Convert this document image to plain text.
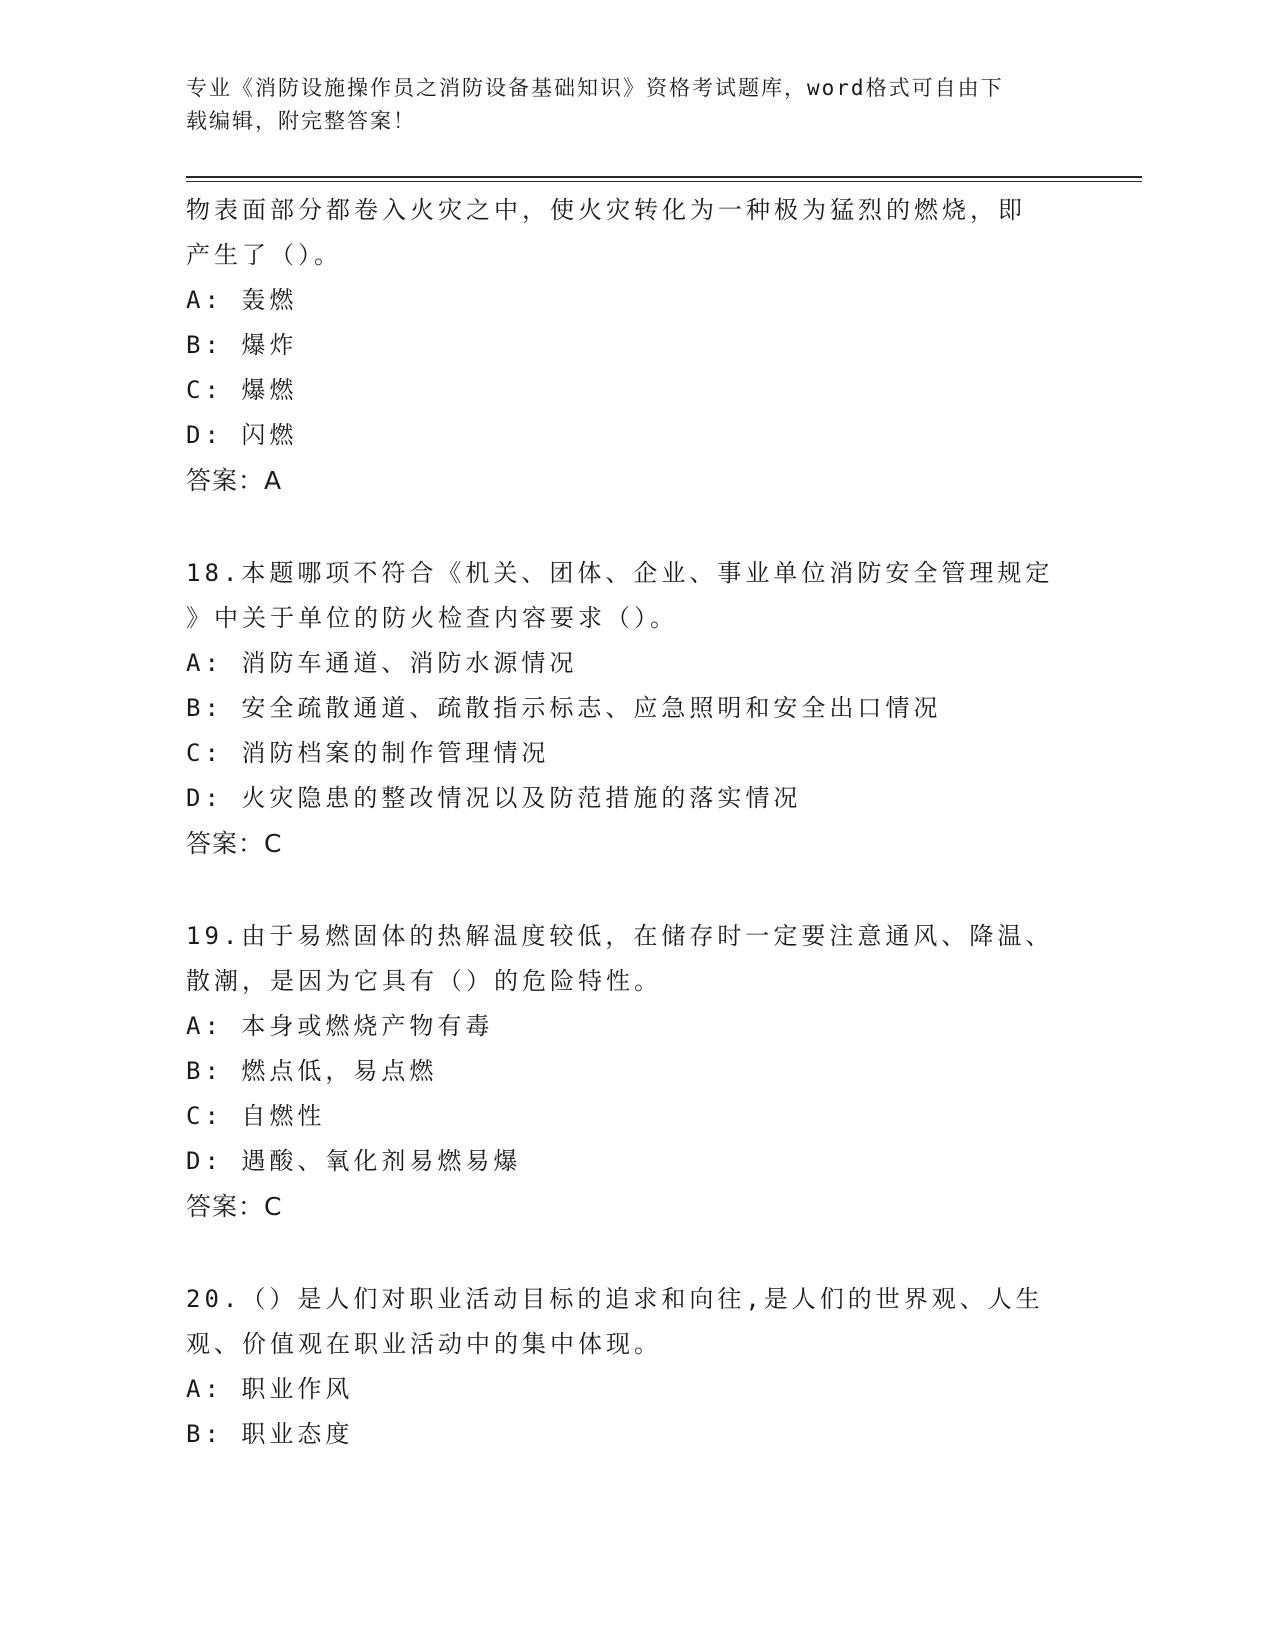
专业《消防设施操作员之消防设备基础知识》资格考试题库，word格式可自由下
载编辑，附完整答案！
物表面部分都卷入火灾之中，使火灾转化为一种极为猛烈的燃烧，即
产生了（）。
A: 轰燃
B: 爆炸
C: 爆燃
D: 闪燃
答案：A
18.本题哪项不符合《机关、团体、企业、事业单位消防安全管理规定
》中关于单位的防火检查内容要求（）。
A: 消防车通道、消防水源情况
B: 安全疏散通道、疏散指示标志、应急照明和安全出口情况
C: 消防档案的制作管理情况
D: 火灾隐患的整改情况以及防范措施的落实情况
答案：C
19.由于易燃固体的热解温度较低，在储存时一定要注意通风、降温、
散潮，是因为它具有（）的危险特性。
A: 本身或燃烧产物有毒
B: 燃点低，易点燃
C: 自燃性
D: 遇酸、氧化剂易燃易爆
答案：C
20.（）是人们对职业活动目标的追求和向往,是人们的世界观、人生
观、价值观在职业活动中的集中体现。
A: 职业作风
B: 职业态度
